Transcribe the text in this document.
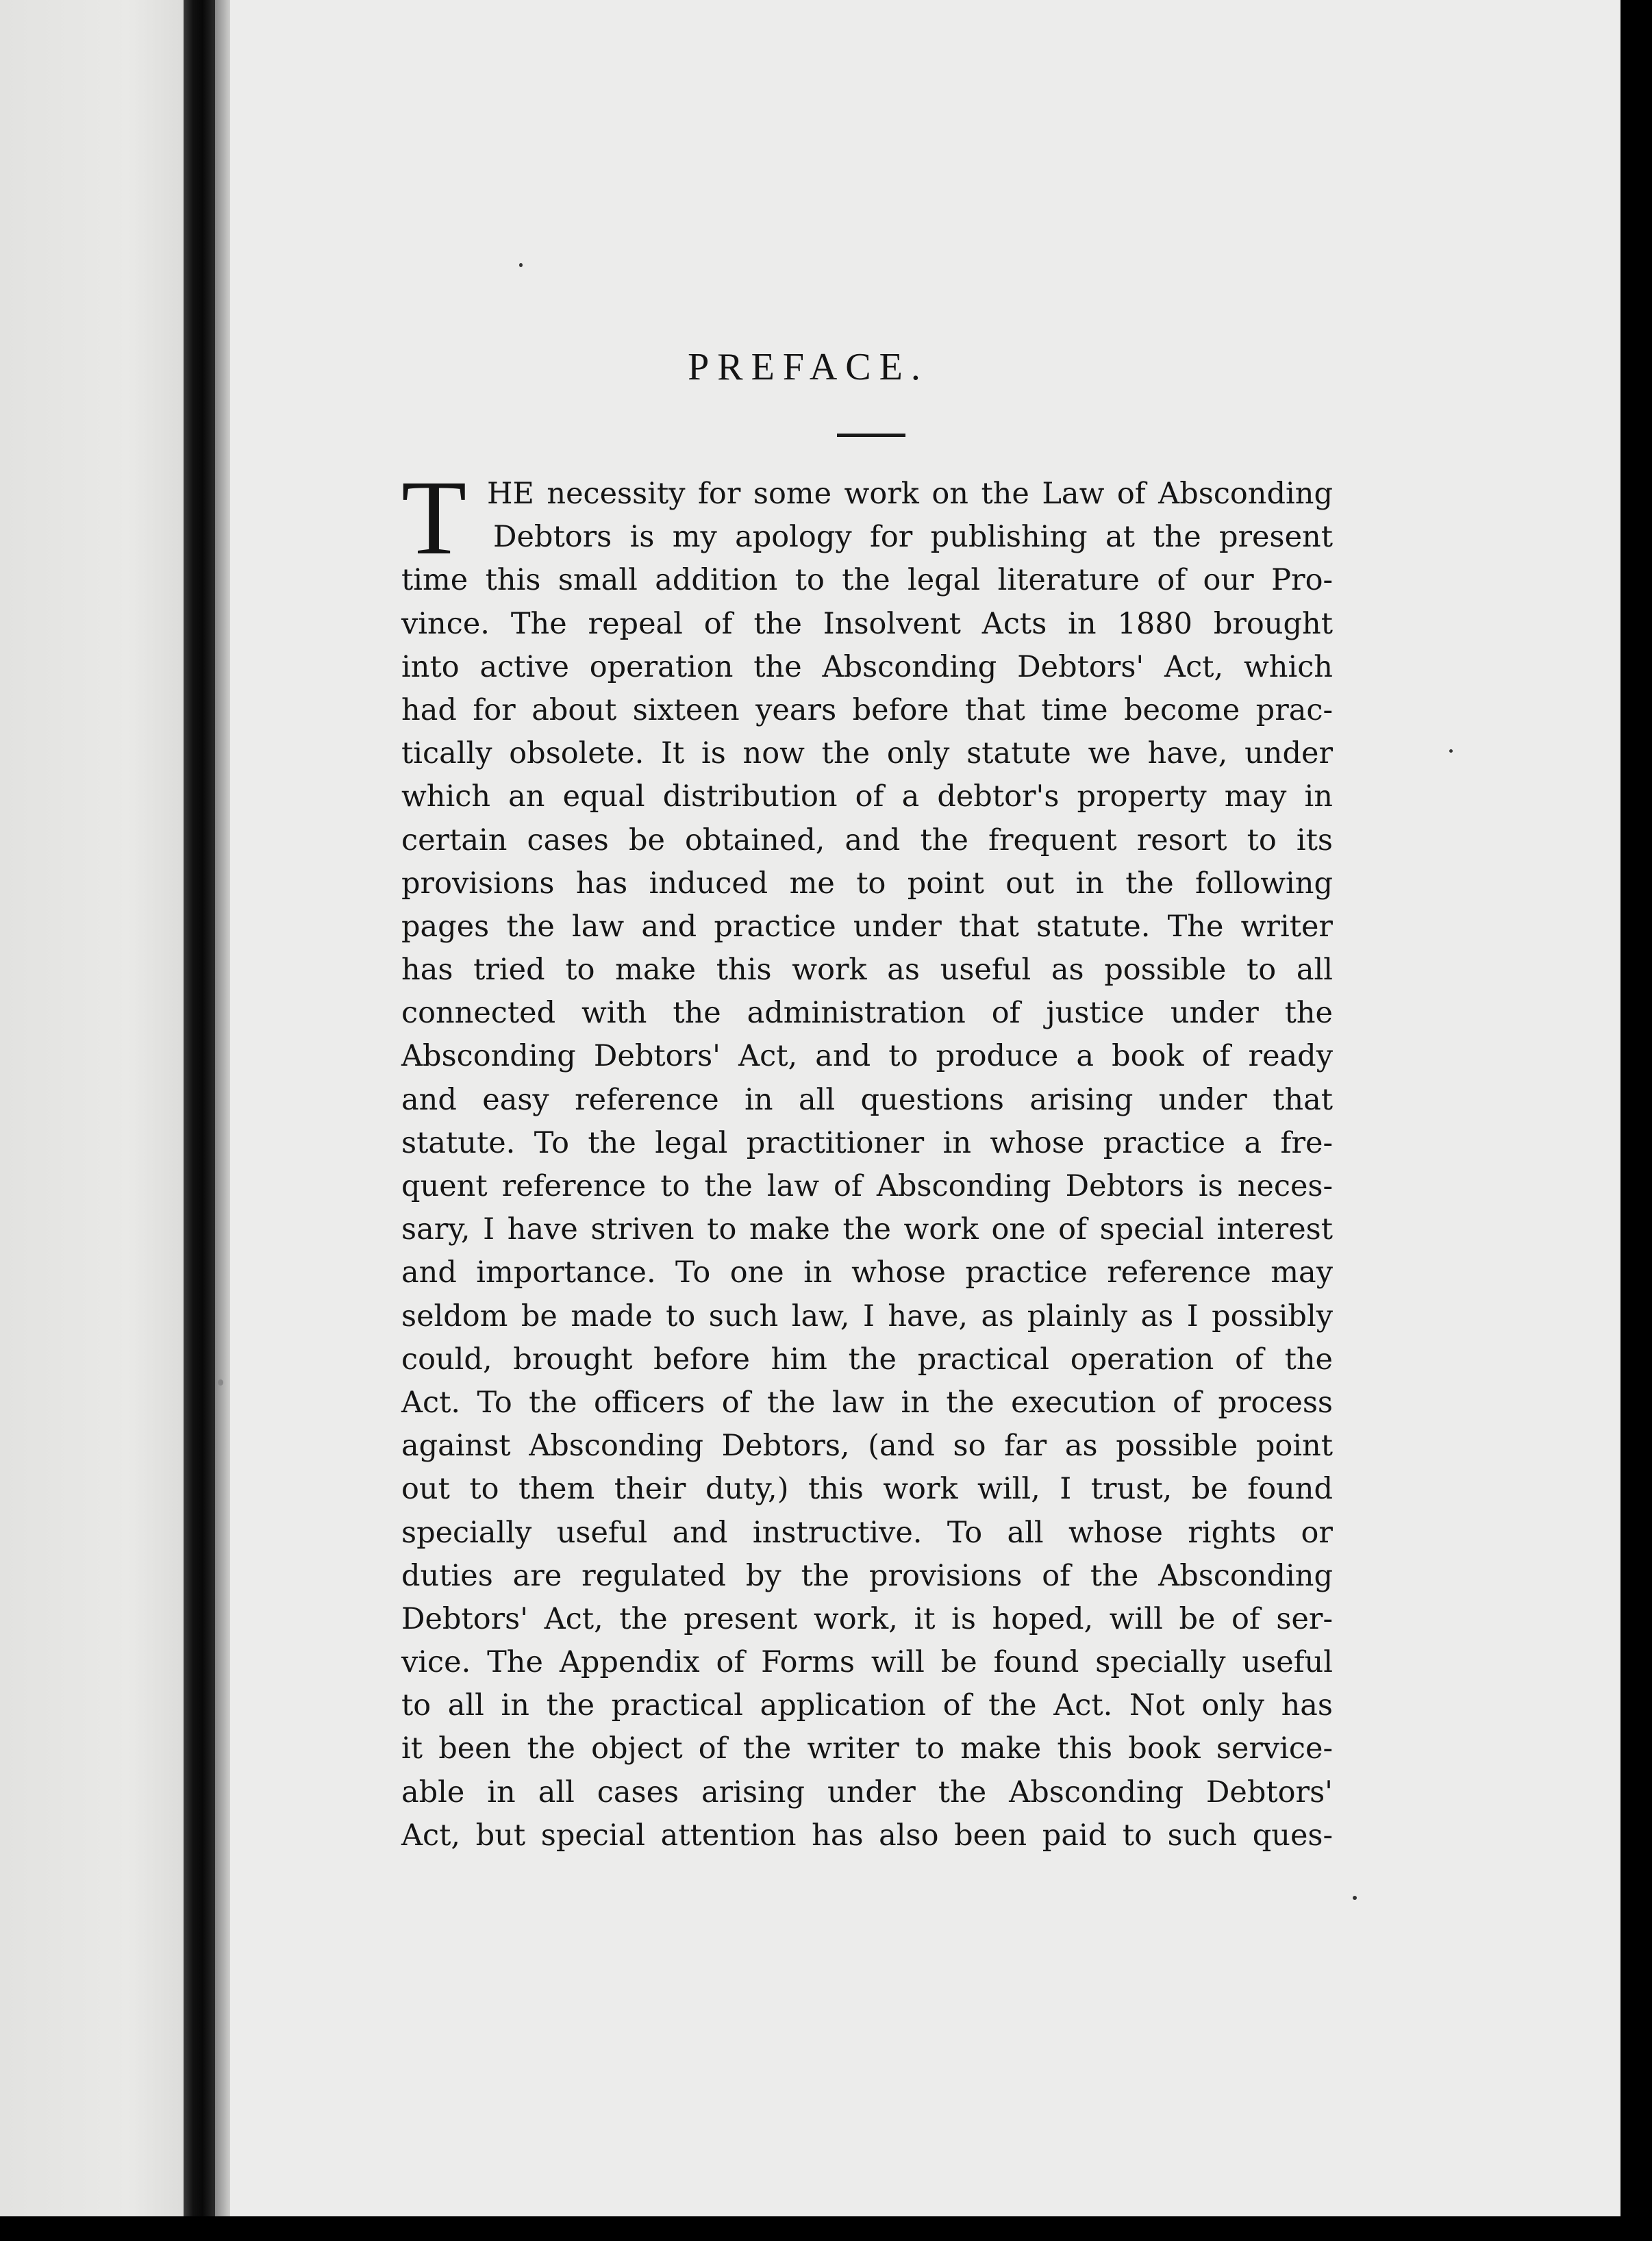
PREFACE.
T HE necessity for some work on the Law of Absconding
Debtors is my apology for publishing at the present
time this small addition to the legal literature of our Pro-
vince. The repeal of the Insolvent Acts in 1880 brought
into active operation the Absconding Debtors' Act, which
had for about sixteen years before that time become prac-
tically obsolete. It is now the only statute we have, under
which an equal distribution of a debtor's property may in
certain cases be obtained, and the frequent resort to its
provisions has induced me to point out in the following
pages the law and practice under that statute. The writer
has tried to make this work as useful as possible to all
connected with the administration of justice under the
Absconding Debtors' Act, and to produce a book of ready
and easy reference in all questions arising under that
statute. To the legal practitioner in whose practice a fre-
quent reference to the law of Absconding Debtors is neces-
sary, I have striven to make the work one of special interest
and importance. To one in whose practice reference may
seldom be made to such law, I have, as plainly as I possibly
could, brought before him the practical operation of the
Act. To the officers of the law in the execution of process
against Absconding Debtors, (and so far as possible point
out to them their duty,) this work will, I trust, be found
specially useful and instructive. To all whose rights or
duties are regulated by the provisions of the Absconding
Debtors' Act, the present work, it is hoped, will be of ser-
vice. The Appendix of Forms will be found specially useful
to all in the practical application of the Act. Not only has
it been the object of the writer to make this book service-
able in all cases arising under the Absconding Debtors'
Act, but special attention has also been paid to such ques-
